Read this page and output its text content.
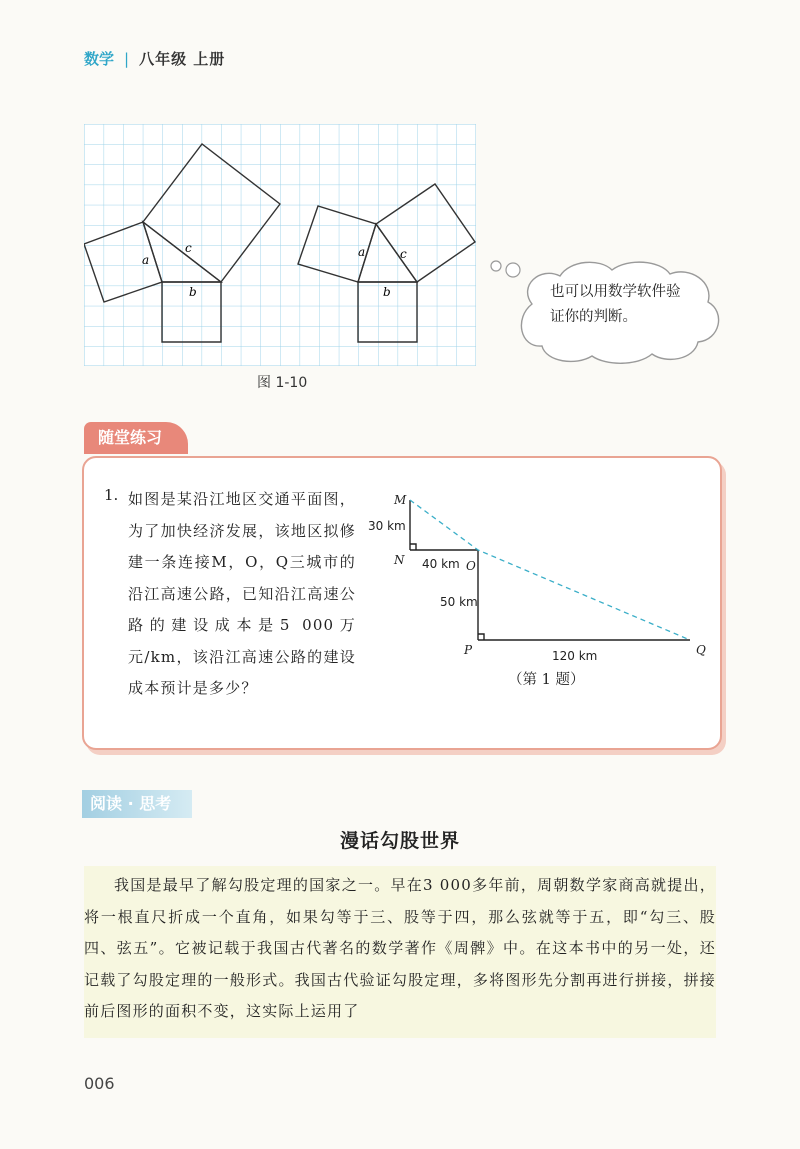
数学 | 八年级 上册
a
b
c	a
b
c
图 1-10
也可以用数学软件验证你的判断。
随堂练习
1. 如图是某沿江地区交通平面图，为了加快经济发展，该地区拟修建一条连接M，O，Q三城市的沿江高速公路，已知沿江高速公路的建设成本是5 000万元/km，该沿江高速公路的建设成本预计是多少？
M
N	O
P	Q
30 km
40 km
50 km
120 km
（第 1 题）
阅读 · 思考
漫话勾股世界

我国是最早了解勾股定理的国家之一。早在3 000多年前，周朝数学家商高就提出，将一根直尺折成一个直角，如果勾等于三、股等于四，那么弦就等于五，即“勾三、股四、弦五”。它被记载于我国古代著名的数学著作《周髀》中。在这本书中的另一处，还记载了勾股定理的一般形式。我国古代验证勾股定理，多将图形先分割再进行拼接，拼接前后图形的面积不变，这实际上运用了

006
